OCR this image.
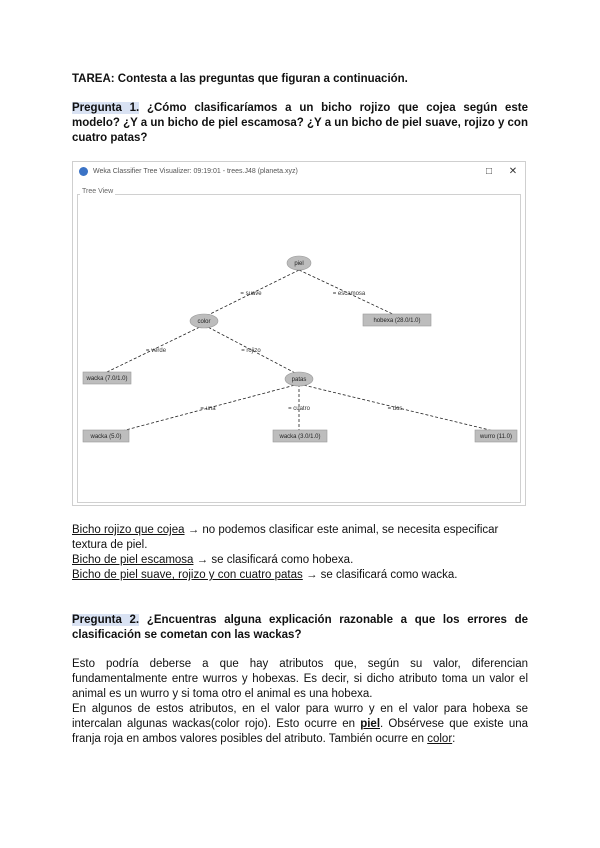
TAREA: Contesta a las preguntas que figuran a continuación.
Pregunta 1. ¿Cómo clasificaríamos a un bicho rojizo que cojea según este modelo? ¿Y a un bicho de piel escamosa? ¿Y a un bicho de piel suave, rojizo y con cuatro patas?
Weka Classifier Tree Visualizer: 09:19:01 - trees.J48 (planeta.xyz)	□	✕
Tree View
= suave	= escamosa
= verde	= rojizo
= una	= cuatro	= dos
piel
color
patas
hobexa (28.0/1.0)
wacka (7.0/1.0)
wacka (5.0)	wacka (3.0/1.0)	wurro (11.0)
Bicho rojizo que cojea → no podemos clasificar este animal, se necesita especificar textura de piel.
Bicho de piel escamosa → se clasificará como hobexa.
Bicho de piel suave, rojizo y con cuatro patas → se clasificará como wacka.
Pregunta 2. ¿Encuentras alguna explicación razonable a que los errores de clasificación se cometan con las wackas?
Esto podría deberse a que hay atributos que, según su valor, diferencian fundamentalmente entre wurros y hobexas. Es decir, si dicho atributo toma un valor el animal es un wurro y si toma otro el animal es una hobexa.
En algunos de estos atributos, en el valor para wurro y en el valor para hobexa se intercalan algunas wackas(color rojo). Esto ocurre en piel. Obsérvese que existe una franja roja en ambos valores posibles del atributo. También ocurre en color:
